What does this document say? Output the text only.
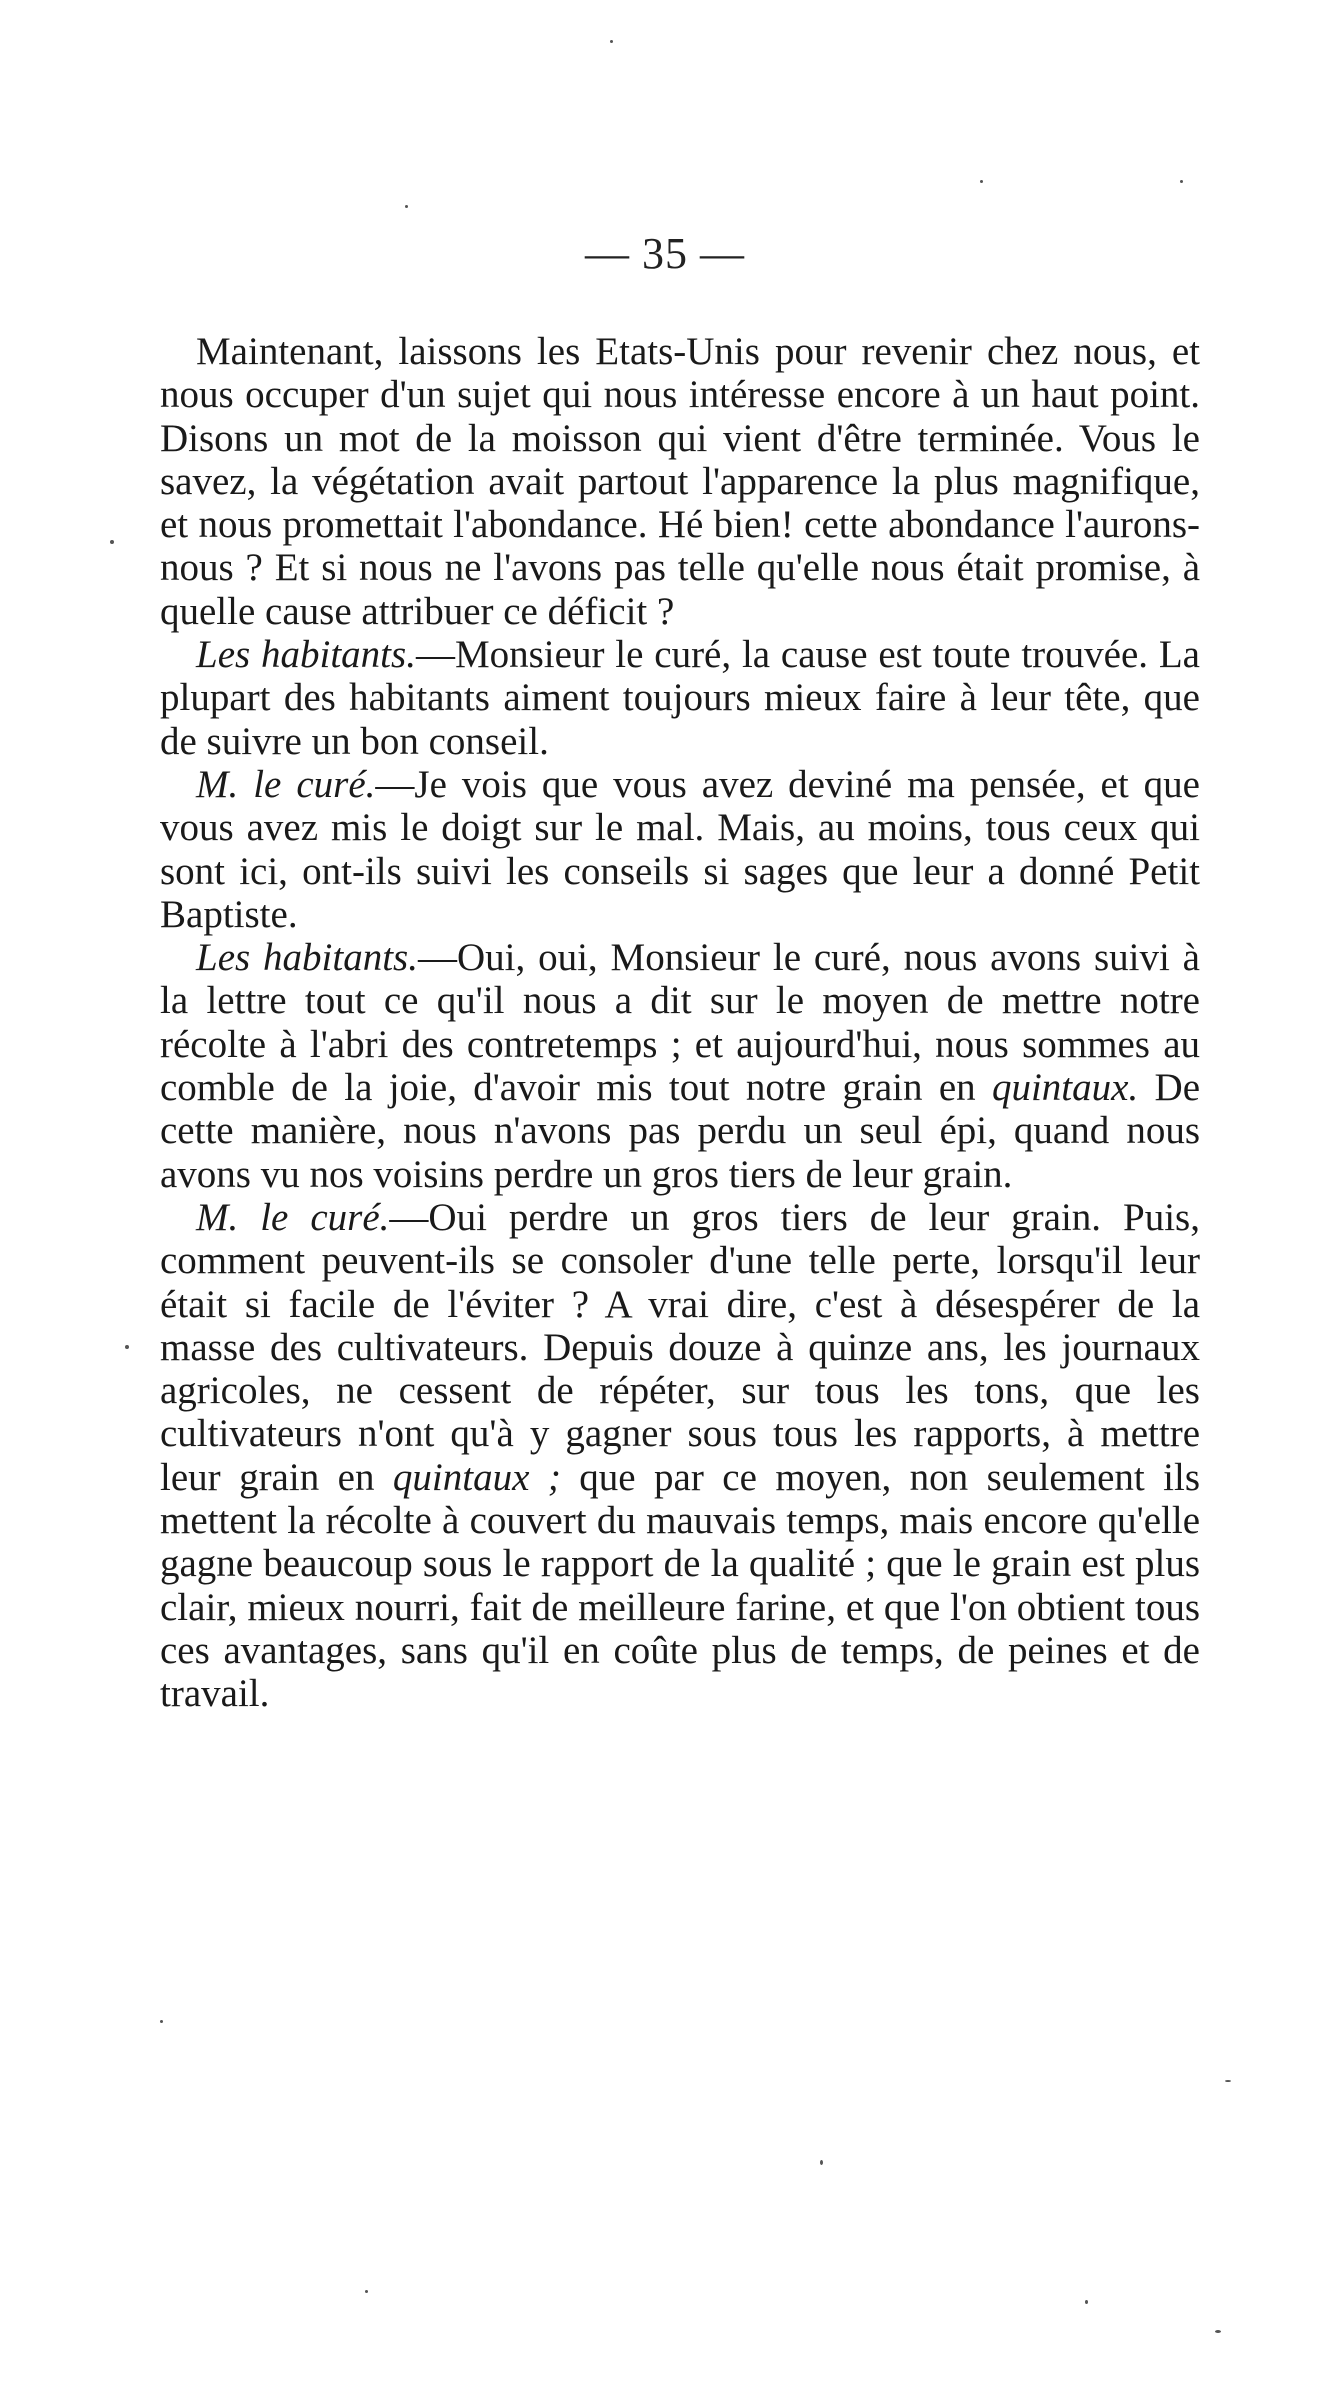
— 35 —

Maintenant, laissons les Etats-Unis pour revenir chez nous, et nous occuper d'un sujet qui nous intéresse encore à un haut point. Disons un mot de la moisson qui vient d'être terminée. Vous le savez, la végétation avait partout l'apparence la plus magnifique, et nous promettait l'abondance. Hé bien! cette abondance l'aurons-nous ? Et si nous ne l'avons pas telle qu'elle nous était promise, à quelle cause attribuer ce déficit ?

Les habitants.—Monsieur le curé, la cause est toute trouvée. La plupart des habitants aiment toujours mieux faire à leur tête, que de suivre un bon conseil.

M. le curé.—Je vois que vous avez deviné ma pensée, et que vous avez mis le doigt sur le mal. Mais, au moins, tous ceux qui sont ici, ont-ils suivi les conseils si sages que leur a donné Petit Baptiste.

Les habitants.—Oui, oui, Monsieur le curé, nous avons suivi à la lettre tout ce qu'il nous a dit sur le moyen de mettre notre récolte à l'abri des contretemps ; et aujourd'hui, nous sommes au comble de la joie, d'avoir mis tout notre grain en quintaux. De cette manière, nous n'avons pas perdu un seul épi, quand nous avons vu nos voisins perdre un gros tiers de leur grain.

M. le curé.—Oui perdre un gros tiers de leur grain. Puis, comment peuvent-ils se consoler d'une telle perte, lorsqu'il leur était si facile de l'éviter ? A vrai dire, c'est à désespérer de la masse des cultivateurs. Depuis douze à quinze ans, les journaux agricoles, ne cessent de répéter, sur tous les tons, que les cultivateurs n'ont qu'à y gagner sous tous les rapports, à mettre leur grain en quintaux ; que par ce moyen, non seulement ils mettent la récolte à couvert du mauvais temps, mais encore qu'elle gagne beaucoup sous le rapport de la qualité ; que le grain est plus clair, mieux nourri, fait de meilleure farine, et que l'on obtient tous ces avantages, sans qu'il en coûte plus de temps, de peines et de travail.
